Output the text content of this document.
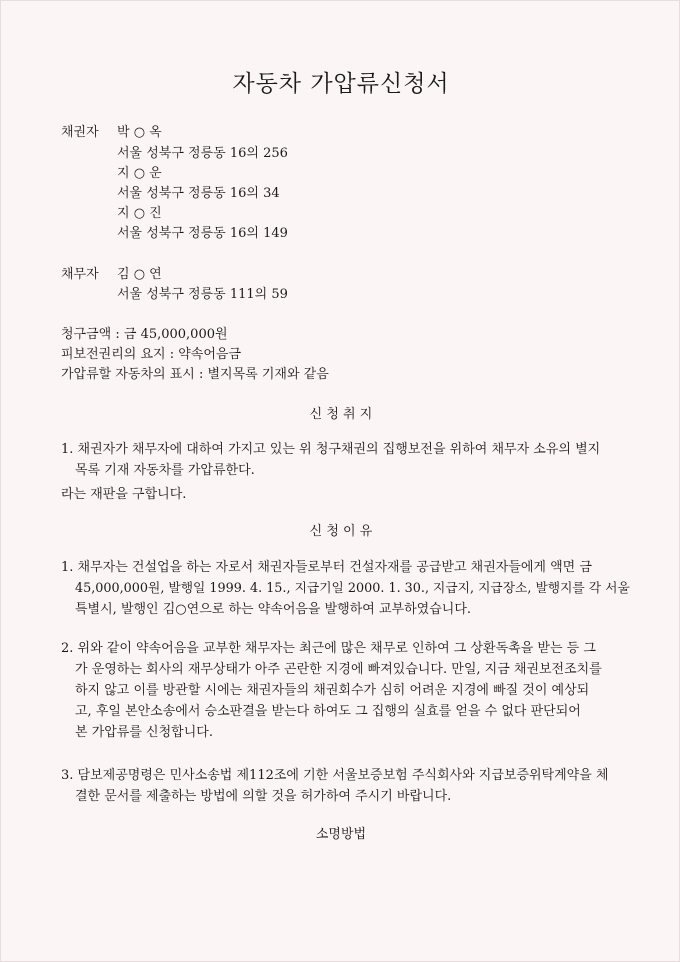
자동차 가압류신청서
채권자 박 ○ 옥
서울 성북구 정릉동 16의 256
지 ○ 운
서울 성북구 정릉동 16의 34
지 ○ 진
서울 성북구 정릉동 16의 149
채무자 김 ○ 연
서울 성북구 정릉동 111의 59
청구금액 : 금 45,000,000원
피보전권리의 요지 : 약속어음금
가압류할 자동차의 표시 : 별지목록 기재와 같음
신 청 취 지
1. 채권자가 채무자에 대하여 가지고 있는 위 청구채권의 집행보전을 위하여 채무자 소유의 별지
목록 기재 자동차를 가압류한다.
라는 재판을 구합니다.
신 청 이 유
1. 채무자는 건설업을 하는 자로서 채권자들로부터 건설자재를 공급받고 채권자들에게 액면 금
45,000,000원, 발행일 1999. 4. 15., 지급기일 2000. 1. 30., 지급지, 지급장소, 발행지를 각 서울
특별시, 발행인 김○연으로 하는 약속어음을 발행하여 교부하였습니다.
2. 위와 같이 약속어음을 교부한 채무자는 최근에 많은 채무로 인하여 그 상환독촉을 받는 등 그
가 운영하는 회사의 재무상태가 아주 곤란한 지경에 빠져있습니다. 만일, 지금 채권보전조치를
하지 않고 이를 방관할 시에는 채권자들의 채권회수가 심히 어려운 지경에 빠질 것이 예상되
고, 후일 본안소송에서 승소판결을 받는다 하여도 그 집행의 실효를 얻을 수 없다 판단되어
본 가압류를 신청합니다.
3. 담보제공명령은 민사소송법 제112조에 기한 서울보증보험 주식회사와 지급보증위탁계약을 체
결한 문서를 제출하는 방법에 의할 것을 허가하여 주시기 바랍니다.
소명방법
